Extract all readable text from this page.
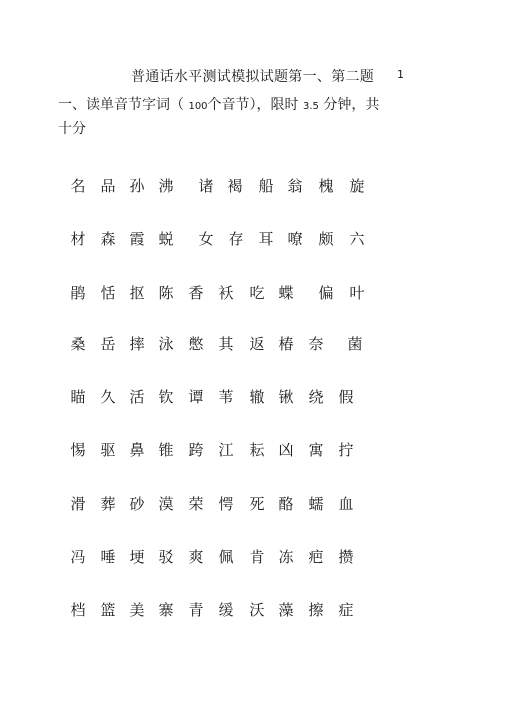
普通话水平测试模拟试题第一、第二题 1
一、读单音节字词（ 100个音节），限时 3.5 分钟，共
十分
名 品 孙 沸 诸 褐 船 翁 槐 旋
材 森 霞 蜕 女 存 耳 嘹 颇 六
鹃 恬 抠 陈 香 袄 吃 蝶 偏 叶
桑 岳 摔 泳 憋 其 返 椿 奈 菌
瞄 久 活 钦 谭 苇 辙 锹 绕 假
惕 驱 鼻 锥 跨 江 耘 凶 寓 拧
滑 葬 砂 漠 荣 愕 死 酪 蠕 血
冯 唾 埂 驳 爽 佩 肯 冻 疤 攒
档 篮 美 寨 青 缓 沃 藻 擦 症
